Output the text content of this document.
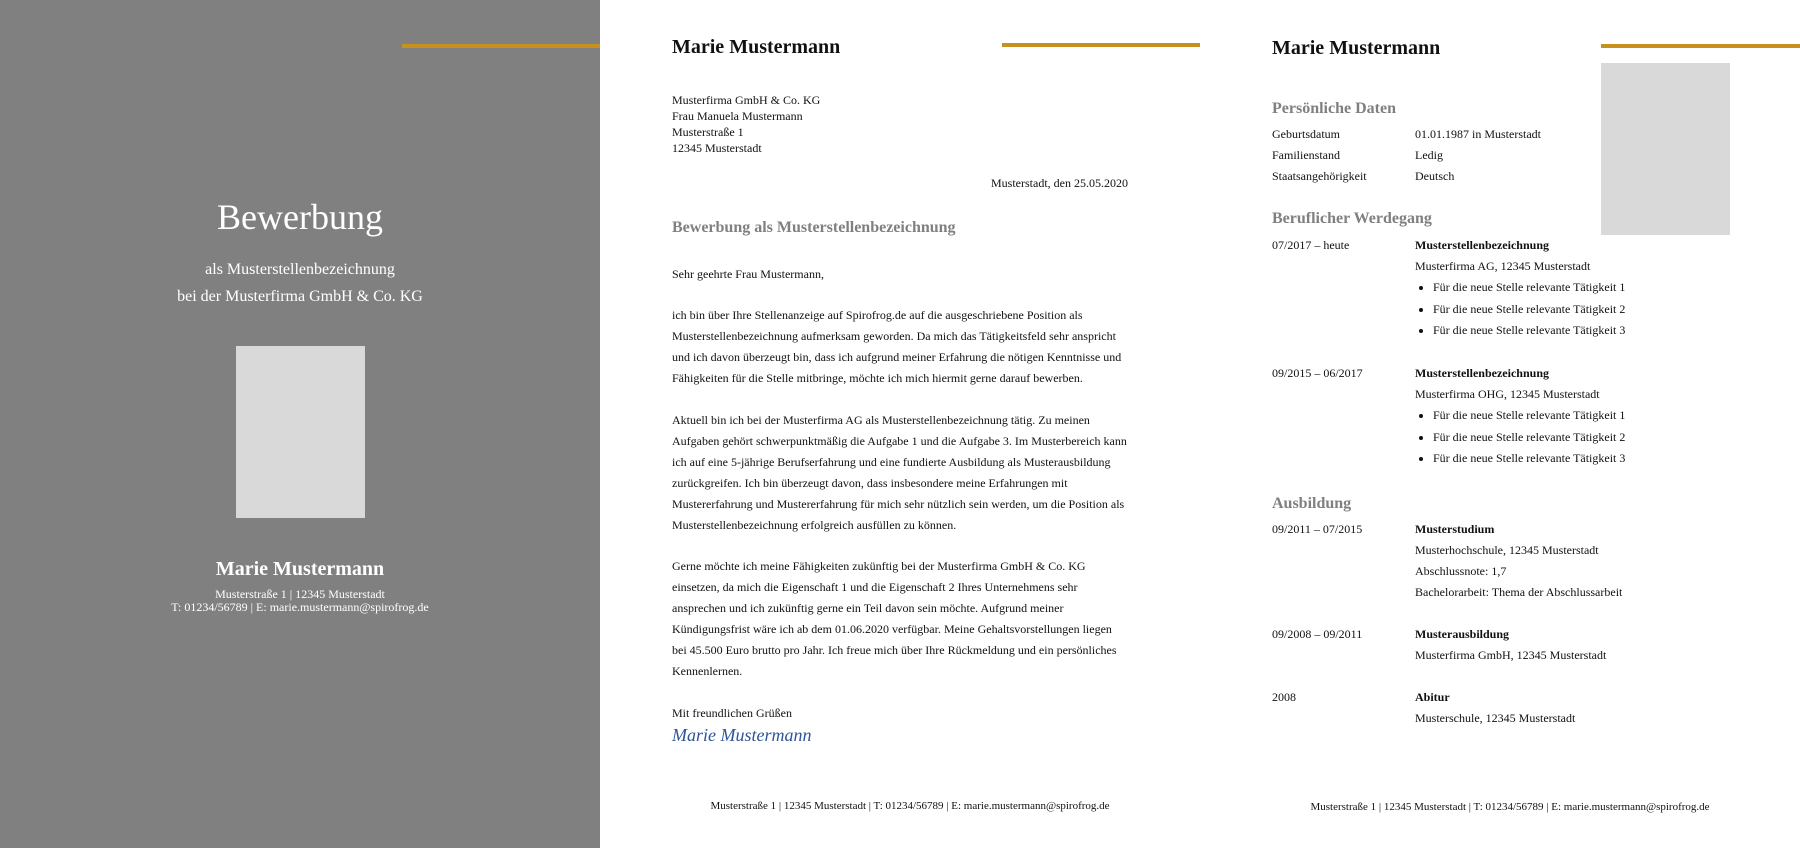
Bewerbung
als Musterstellenbezeichnung
bei der Musterfirma GmbH & Co. KG
Marie Mustermann
Musterstraße 1 | 12345 Musterstadt
T: 01234/56789 | E: marie.mustermann@spirofrog.de
Marie Mustermann
Musterfirma GmbH & Co. KG
Frau Manuela Mustermann
Musterstraße 1
12345 Musterstadt
Musterstadt, den 25.05.2020
Bewerbung als Musterstellenbezeichnung
Sehr geehrte Frau Mustermann,
ich bin über Ihre Stellenanzeige auf Spirofrog.de auf die ausgeschriebene Position als Musterstellenbezeichnung aufmerksam geworden. Da mich das Tätigkeitsfeld sehr anspricht und ich davon überzeugt bin, dass ich aufgrund meiner Erfahrung die nötigen Kenntnisse und Fähigkeiten für die Stelle mitbringe, möchte ich mich hiermit gerne darauf bewerben.
Aktuell bin ich bei der Musterfirma AG als Musterstellenbezeichnung tätig. Zu meinen Aufgaben gehört schwerpunktmäßig die Aufgabe 1 und die Aufgabe 3. Im Musterbereich kann ich auf eine 5-jährige Berufserfahrung und eine fundierte Ausbildung als Musterausbildung zurückgreifen. Ich bin überzeugt davon, dass insbesondere meine Erfahrungen mit Mustererfahrung und Mustererfahrung für mich sehr nützlich sein werden, um die Position als Musterstellenbezeichnung erfolgreich ausfüllen zu können.
Gerne möchte ich meine Fähigkeiten zukünftig bei der Musterfirma GmbH & Co. KG einsetzen, da mich die Eigenschaft 1 und die Eigenschaft 2 Ihres Unternehmens sehr ansprechen und ich zukünftig gerne ein Teil davon sein möchte. Aufgrund meiner Kündigungsfrist wäre ich ab dem 01.06.2020 verfügbar. Meine Gehaltsvorstellungen liegen bei 45.500 Euro brutto pro Jahr. Ich freue mich über Ihre Rückmeldung und ein persönliches Kennenlernen.
Mit freundlichen Grüßen
Marie Mustermann
Musterstraße 1 | 12345 Musterstadt | T: 01234/56789 | E: marie.mustermann@spirofrog.de
Marie Mustermann
Persönliche Daten
Geburtsdatum	01.01.1987 in Musterstadt
Familienstand	Ledig
Staatsangehörigkeit	Deutsch
Beruflicher Werdegang
07/2017 – heute	Musterstellenbezeichnung
Musterfirma AG, 12345 Musterstadt
• Für die neue Stelle relevante Tätigkeit 1
• Für die neue Stelle relevante Tätigkeit 2
• Für die neue Stelle relevante Tätigkeit 3
09/2015 – 06/2017	Musterstellenbezeichnung
Musterfirma OHG, 12345 Musterstadt
• Für die neue Stelle relevante Tätigkeit 1
• Für die neue Stelle relevante Tätigkeit 2
• Für die neue Stelle relevante Tätigkeit 3
Ausbildung
09/2011 – 07/2015	Musterstudium
Musterhochschule, 12345 Musterstadt
Abschlussnote: 1,7
Bachelorarbeit: Thema der Abschlussarbeit
09/2008 – 09/2011	Musterausbildung
Musterfirma GmbH, 12345 Musterstadt
2008	Abitur
Musterschule, 12345 Musterstadt
Musterstraße 1 | 12345 Musterstadt | T: 01234/56789 | E: marie.mustermann@spirofrog.de
